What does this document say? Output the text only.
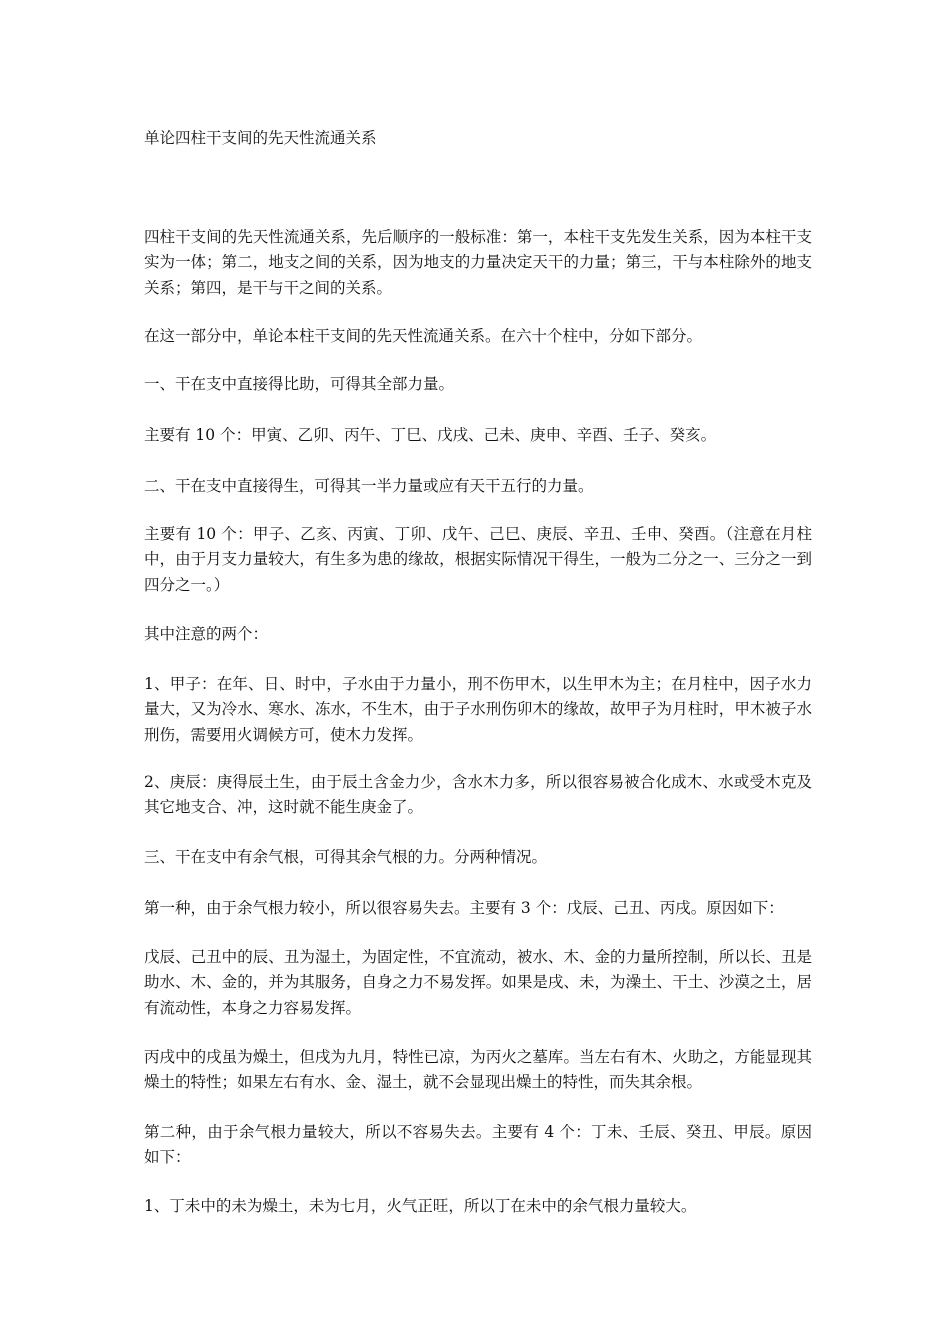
单论四柱干支间的先天性流通关系

四柱干支间的先天性流通关系，先后顺序的一般标准：第一，本柱干支先发生关系，因为本柱干支实为一体；第二，地支之间的关系，因为地支的力量决定天干的力量；第三，干与本柱除外的地支关系；第四，是干与干之间的关系。

在这一部分中，单论本柱干支间的先天性流通关系。在六十个柱中，分如下部分。

一、干在支中直接得比助，可得其全部力量。

主要有 10 个：甲寅、乙卯、丙午、丁巳、戊戌、己未、庚申、辛酉、壬子、癸亥。

二、干在支中直接得生，可得其一半力量或应有天干五行的力量。

主要有 10 个：甲子、乙亥、丙寅、丁卯、戊午、己巳、庚辰、辛丑、壬申、癸酉。（注意在月柱中，由于月支力量较大，有生多为患的缘故，根据实际情况干得生，一般为二分之一、三分之一到四分之一。）

其中注意的两个：

1、甲子：在年、日、时中，子水由于力量小，刑不伤甲木，以生甲木为主；在月柱中，因子水力量大，又为冷水、寒水、冻水，不生木，由于子水刑伤卯木的缘故，故甲子为月柱时，甲木被子水刑伤，需要用火调候方可，使木力发挥。

2、庚辰：庚得辰土生，由于辰土含金力少，含水木力多，所以很容易被合化成木、水或受木克及其它地支合、冲，这时就不能生庚金了。

三、干在支中有余气根，可得其余气根的力。分两种情况。

第一种，由于余气根力较小，所以很容易失去。主要有 3 个：戊辰、己丑、丙戌。原因如下：

戊辰、己丑中的辰、丑为湿土，为固定性，不宜流动，被水、木、金的力量所控制，所以长、丑是助水、木、金的，并为其服务，自身之力不易发挥。如果是戌、未，为澡土、干土、沙漠之土，居有流动性，本身之力容易发挥。

丙戌中的戌虽为燥土，但戌为九月，特性已凉，为丙火之墓库。当左右有木、火助之，方能显现其燥土的特性；如果左右有水、金、湿土，就不会显现出燥土的特性，而失其余根。

第二种，由于余气根力量较大，所以不容易失去。主要有 4 个：丁未、壬辰、癸丑、甲辰。原因如下：

1、丁未中的未为燥土，未为七月，火气正旺，所以丁在未中的余气根力量较大。
